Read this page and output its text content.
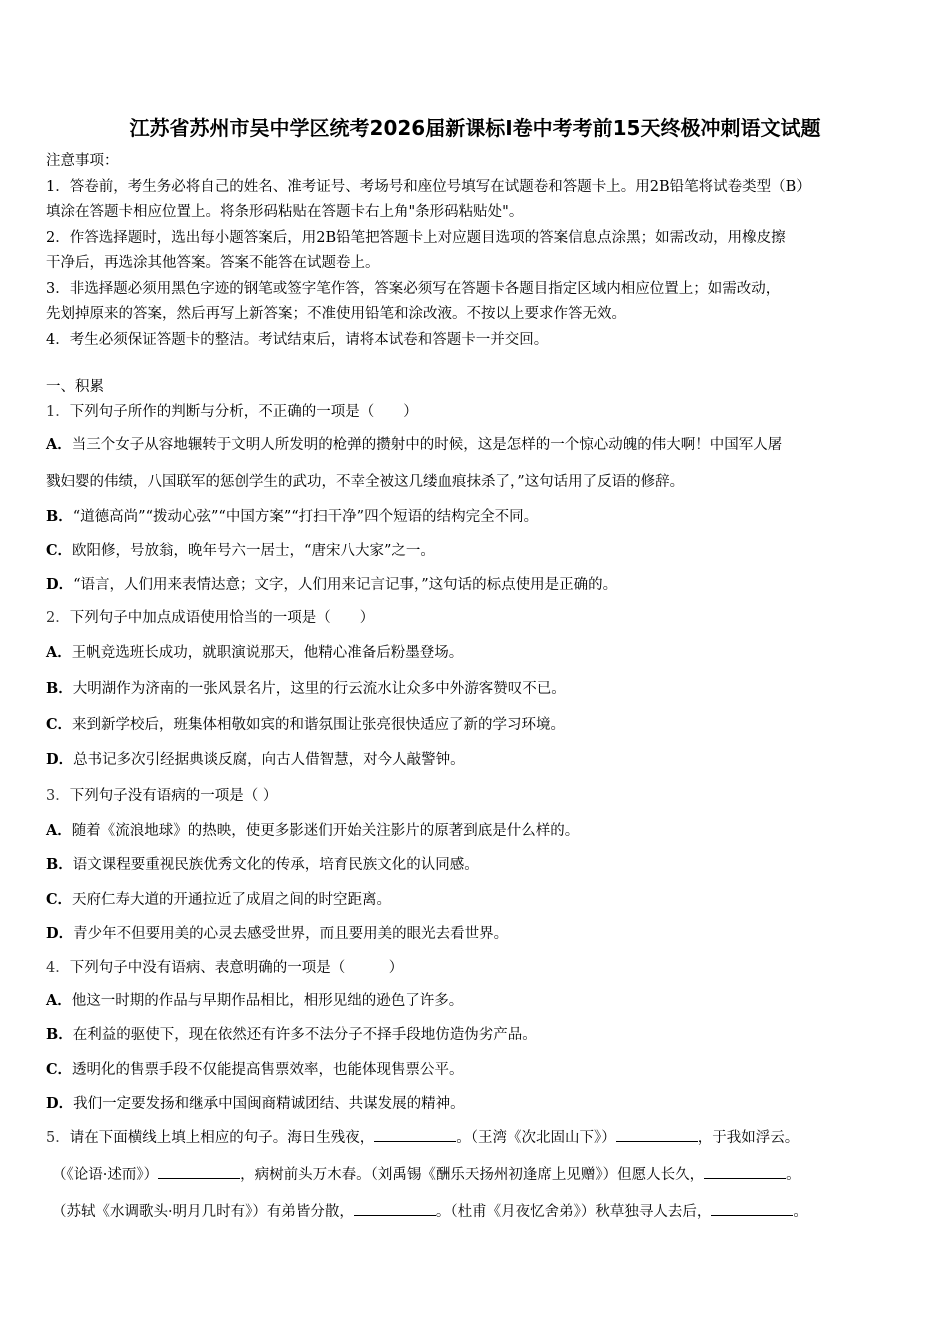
江苏省苏州市吴中学区统考2026届新课标Ⅰ卷中考考前15天终极冲刺语文试题
注意事项：
1．答卷前，考生务必将自己的姓名、准考证号、考场号和座位号填写在试题卷和答题卡上。用2B铅笔将试卷类型（B）
填涂在答题卡相应位置上。将条形码粘贴在答题卡右上角"条形码粘贴处"。
2．作答选择题时，选出每小题答案后，用2B铅笔把答题卡上对应题目选项的答案信息点涂黑；如需改动，用橡皮擦
干净后，再选涂其他答案。答案不能答在试题卷上。
3．非选择题必须用黑色字迹的钢笔或签字笔作答，答案必须写在答题卡各题目指定区域内相应位置上；如需改动，
先划掉原来的答案，然后再写上新答案；不准使用铅笔和涂改液。不按以上要求作答无效。
4．考生必须保证答题卡的整洁。考试结束后，请将本试卷和答题卡一并交回。
一、积累
1．下列句子所作的判断与分析，不正确的一项是（　　）
A．当三个女子从容地辗转于文明人所发明的枪弹的攒射中的时候，这是怎样的一个惊心动魄的伟大啊！中国军人屠
戮妇婴的伟绩，八国联军的惩创学生的武功，不幸全被这几缕血痕抹杀了，”这句话用了反语的修辞。
B．“道德高尚”“拨动心弦”“中国方案”“打扫干净”四个短语的结构完全不同。
C．欧阳修，号放翁，晚年号六一居士，“唐宋八大家”之一。
D．“语言，人们用来表情达意；文字，人们用来记言记事，”这句话的标点使用是正确的。
2．下列句子中加点成语使用恰当的一项是（　　）
A．王帆竞选班长成功，就职演说那天，他精心准备后粉墨登场。
B．大明湖作为济南的一张风景名片，这里的行云流水让众多中外游客赞叹不已。
C．来到新学校后，班集体相敬如宾的和谐氛围让张亮很快适应了新的学习环境。
D．总书记多次引经据典谈反腐，向古人借智慧，对今人敲警钟。
3．下列句子没有语病的一项是（ ）
A．随着《流浪地球》的热映，使更多影迷们开始关注影片的原著到底是什么样的。
B．语文课程要重视民族优秀文化的传承，培育民族文化的认同感。
C．天府仁寿大道的开通拉近了成眉之间的时空距离。
D．青少年不但要用美的心灵去感受世界，而且要用美的眼光去看世界。
4．下列句子中没有语病、表意明确的一项是（　　　）
A．他这一时期的作品与早期作品相比，相形见绌的逊色了许多。
B．在利益的驱使下，现在依然还有许多不法分子不择手段地仿造伪劣产品。
C．透明化的售票手段不仅能提高售票效率，也能体现售票公平。
D．我们一定要发扬和继承中国闽商精诚团结、共谋发展的精神。
5．请在下面横线上填上相应的句子。海日生残夜，	。（王湾《次北固山下》）	，于我如浮云。
（《论语·述而》）	，病树前头万木春。（刘禹锡《酬乐天扬州初逢席上见赠》）但愿人长久，	。
（苏轼《水调歌头·明月几时有》）有弟皆分散，	。（杜甫《月夜忆舍弟》）秋草独寻人去后，	。
